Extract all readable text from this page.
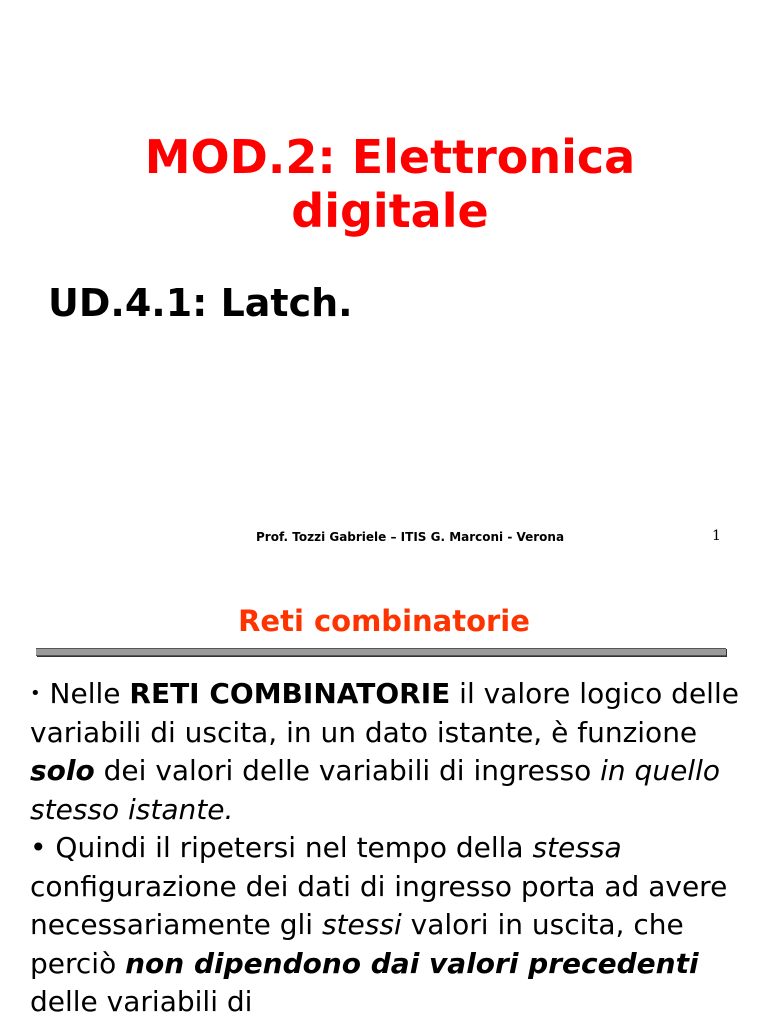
MOD.2: Elettronica
digitale
UD.4.1: Latch.
Prof. Tozzi Gabriele – ITIS G. Marconi - Verona	1
Reti combinatorie

• Nelle RETI COMBINATORIE il valore logico delle variabili di uscita, in un dato istante, è funzione solo dei valori delle variabili di ingresso in quello stesso istante.

• Quindi il ripetersi nel tempo della stessa configurazione dei dati di ingresso porta ad avere necessariamente gli stessi valori in uscita, che perciò non dipendono dai valori precedenti delle variabili di
